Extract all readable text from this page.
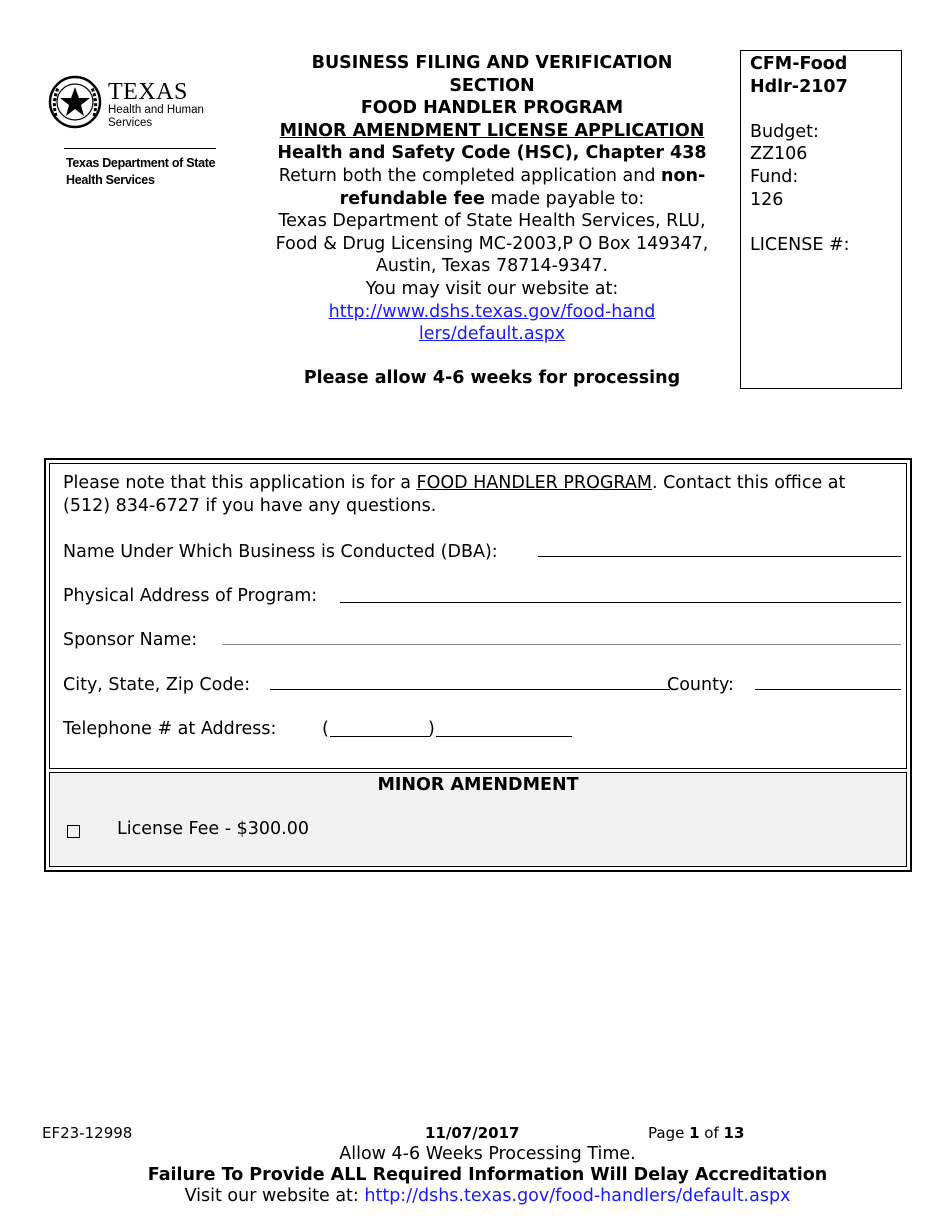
TEXAS
Health and Human
Services
Texas Department of State
Health Services
BUSINESS FILING AND VERIFICATION
SECTION
FOOD HANDLER PROGRAM
MINOR AMENDMENT LICENSE APPLICATION
Health and Safety Code (HSC), Chapter 438
Return both the completed application and non-refundable fee made payable to:
Texas Department of State Health Services, RLU,
Food & Drug Licensing MC-2003,P O Box 149347,
Austin, Texas 78714-9347.
You may visit our website at:
http://www.dshs.texas.gov/food-handlers/default.aspx
Please allow 4-6 weeks for processing
CFM-Food
Hdlr-2107
Budget:
ZZ106
Fund:
126
LICENSE #:
Please note that this application is for a FOOD HANDLER PROGRAM. Contact this office at (512) 834-6727 if you have any questions.
Name Under Which Business is Conducted (DBA):
Physical Address of Program:
Sponsor Name:
City, State, Zip Code:	County:
Telephone # at Address:	(	)
MINOR AMENDMENT
License Fee - $300.00
EF23-12998	11/07/2017	Page 1 of 13
Allow 4-6 Weeks Processing Time.
Failure To Provide ALL Required Information Will Delay Accreditation
Visit our website at: http://dshs.texas.gov/food-handlers/default.aspx
